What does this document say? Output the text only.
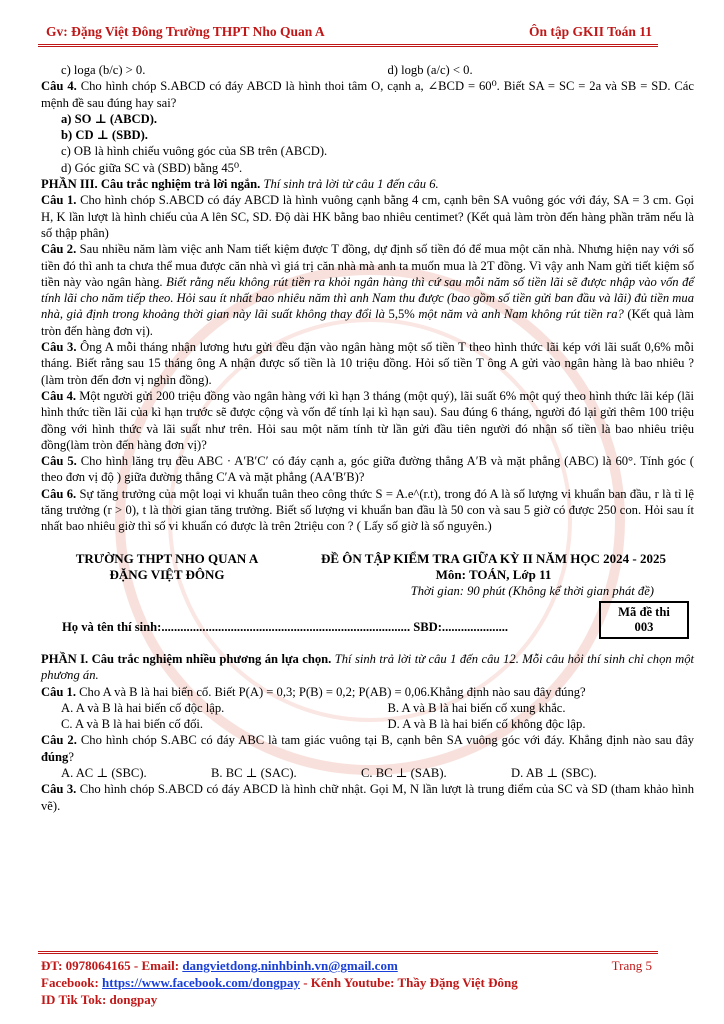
Gv: Đặng Việt Đông Trường THPT Nho Quan A	Ôn tập GKII Toán 11
c) loga (b/c) > 0.	d) logb (a/c) < 0.

Câu 4. Cho hình chóp S.ABCD có đáy ABCD là hình thoi tâm O, cạnh a, ∠BCD = 60⁰. Biết SA = SC = 2a và SB = SD. Các mệnh đề sau đúng hay sai?

a) SO ⊥ (ABCD).
b) CD ⊥ (SBD).
c) OB là hình chiếu vuông góc của SB trên (ABCD).
d) Góc giữa SC và (SBD) bằng 45⁰.

PHẦN III. Câu trắc nghiệm trả lời ngắn. Thí sinh trả lời từ câu 1 đến câu 6.

Câu 1. Cho hình chóp S.ABCD có đáy ABCD là hình vuông cạnh bằng 4 cm, cạnh bên SA vuông góc với đáy, SA = 3 cm. Gọi H, K lần lượt là hình chiếu của A lên SC, SD. Độ dài HK bằng bao nhiêu centimet? (Kết quả làm tròn đến hàng phần trăm nếu là số thập phân)

Câu 2. Sau nhiều năm làm việc anh Nam tiết kiệm được T đồng, dự định số tiền đó để mua một căn nhà. Nhưng hiện nay với số tiền đó thì anh ta chưa thể mua được căn nhà vì giá trị căn nhà mà anh ta muốn mua là 2T đồng. Vì vậy anh Nam gửi tiết kiệm số tiền này vào ngân hàng. Biết rằng nếu không rút tiền ra khỏi ngân hàng thì cứ sau mỗi năm số tiền lãi sẽ được nhập vào vốn để tính lãi cho năm tiếp theo. Hỏi sau ít nhất bao nhiêu năm thì anh Nam thu được (bao gồm số tiền gửi ban đầu và lãi) đủ tiền mua nhà, giả định trong khoảng thời gian này lãi suất không thay đổi là 5,5% một năm và anh Nam không rút tiền ra? (Kết quả làm tròn đến hàng đơn vị).

Câu 3. Ông A mỗi tháng nhận lương hưu gửi đều đặn vào ngân hàng một số tiền T theo hình thức lãi kép với lãi suất 0,6% mỗi tháng. Biết rằng sau 15 tháng ông A nhận được số tiền là 10 triệu đồng. Hỏi số tiền T ông A gửi vào ngân hàng là bao nhiêu ? (làm tròn đến đơn vị nghìn đồng).

Câu 4. Một người gửi 200 triệu đồng vào ngân hàng với kì hạn 3 tháng (một quý), lãi suất 6% một quý theo hình thức lãi kép (lãi hình thức tiền lãi của kì hạn trước sẽ được cộng và vốn để tính lại kì hạn sau). Sau đúng 6 tháng, người đó lại gửi thêm 100 triệu đồng với hình thức và lãi suất như trên. Hỏi sau một năm tính từ lần gửi đầu tiên người đó nhận số tiền là bao nhiêu triệu đồng(làm tròn đến hàng đơn vị)?

Câu 5. Cho hình lăng trụ đều ABC · A′B′C′ có đáy cạnh a, góc giữa đường thẳng A′B và mặt phẳng (ABC) là 60°. Tính góc ( theo đơn vị độ ) giữa đường thẳng C′A và mặt phẳng (AA′B′B)?

Câu 6. Sự tăng trưởng của một loại vi khuẩn tuân theo công thức S = A.e^(r.t), trong đó A là số lượng vi khuẩn ban đầu, r là tỉ lệ tăng trưởng (r > 0), t là thời gian tăng trưởng. Biết số lượng vi khuẩn ban đầu là 50 con và sau 5 giờ có được 250 con. Hỏi sau ít nhất bao nhiêu giờ thì số vi khuẩn có được là trên 2triệu con ? ( Lấy số giờ là số nguyên.)

TRƯỜNG THPT NHO QUAN A
ĐẶNG VIỆT ĐÔNG
ĐỀ ÔN TẬP KIỂM TRA GIỮA KỲ II NĂM HỌC 2024 - 2025
Môn: TOÁN, Lớp 11
Thời gian: 90 phút (Không kể thời gian phát đề)
Họ và tên thí sinh:............................................................................... SBD:.....................
Mã đề thi
003

PHẦN I. Câu trắc nghiệm nhiều phương án lựa chọn. Thí sinh trả lời từ câu 1 đến câu 12. Mỗi câu hỏi thí sinh chỉ chọn một phương án.

Câu 1. Cho A và B là hai biến cố. Biết P(A) = 0,3; P(B) = 0,2; P(AB) = 0,06.Khẳng định nào sau đây đúng?

A. A và B là hai biến cố độc lập.	B. A và B là hai biến cố xung khắc.
C. A và B là hai biến cố đối.	D. A và B là hai biến cố không độc lập.

Câu 2. Cho hình chóp S.ABC có đáy ABC là tam giác vuông tại B, cạnh bên SA vuông góc với đáy. Khẳng định nào sau đây đúng?

A. AC ⊥ (SBC).	B. BC ⊥ (SAC).	C. BC ⊥ (SAB).	D. AB ⊥ (SBC).

Câu 3. Cho hình chóp S.ABCD có đáy ABCD là hình chữ nhật. Gọi M, N lần lượt là trung điểm của SC và SD (tham khảo hình vẽ).

ĐT: 0978064165 - Email: dangvietdong.ninhbinh.vn@gmail.com	Trang 5
Facebook: https://www.facebook.com/dongpay - Kênh Youtube: Thầy Đặng Việt Đông
ID Tik Tok: dongpay
